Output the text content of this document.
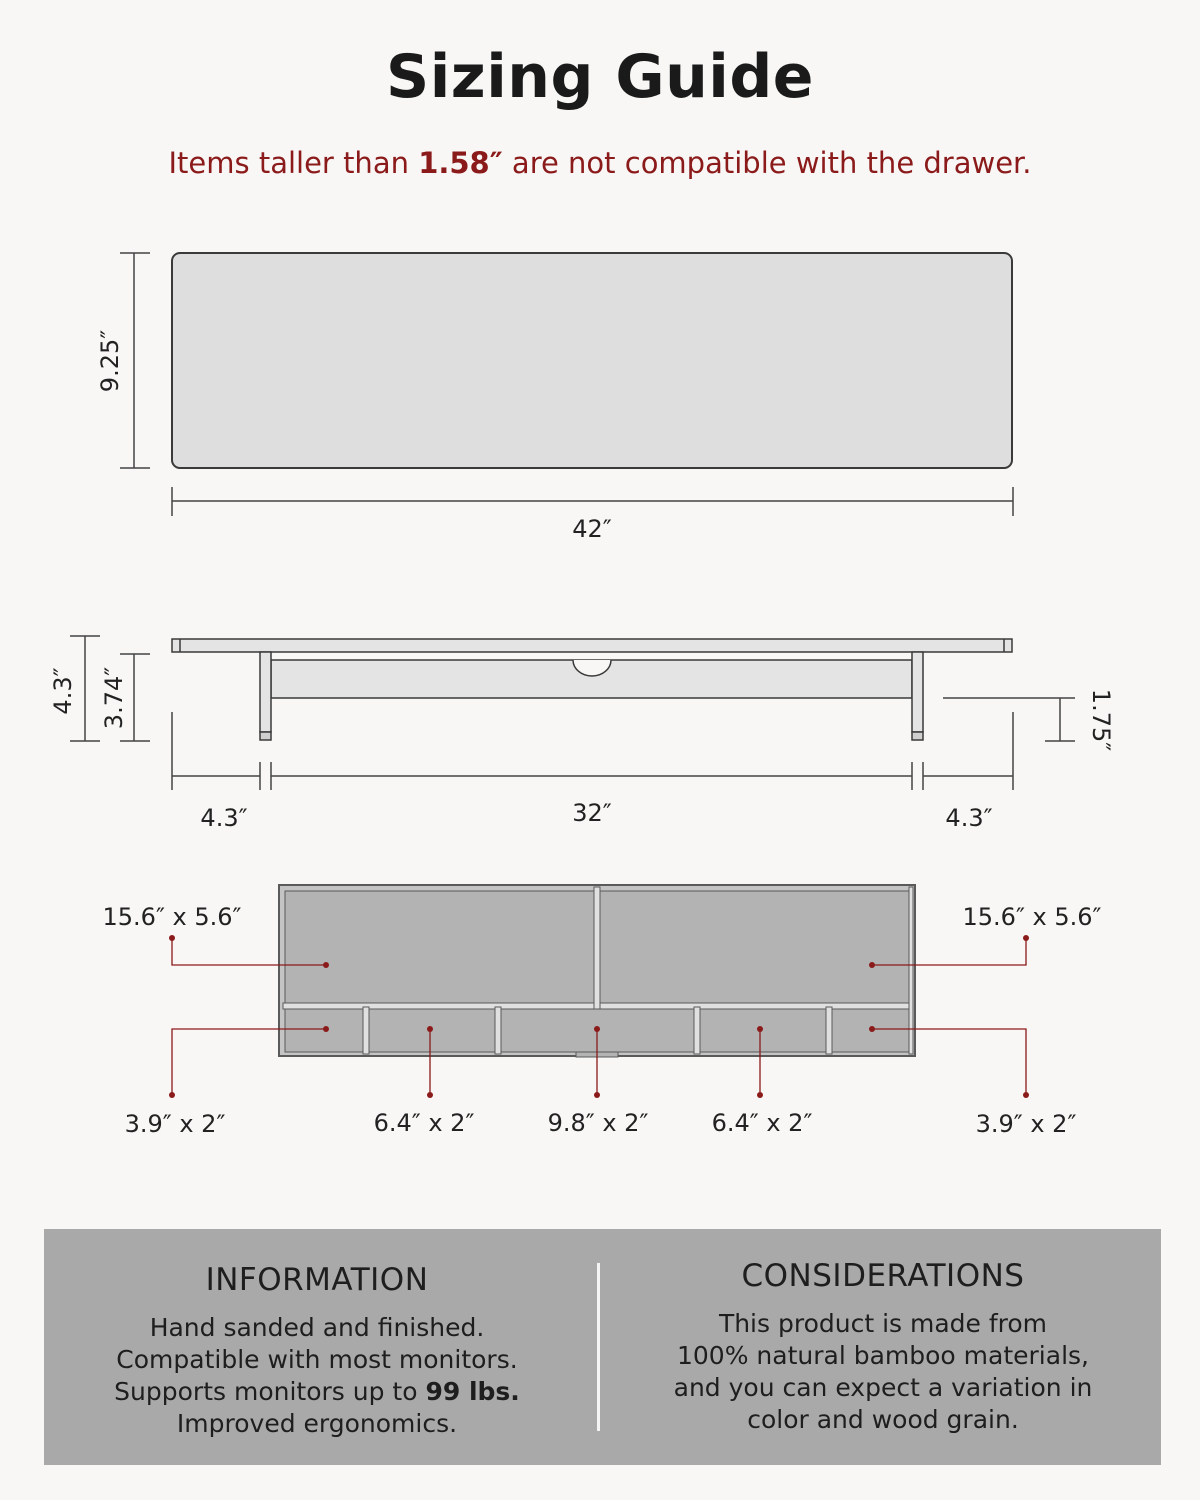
Sizing Guide
Items taller than 1.58″ are not compatible with the drawer.
9.25″
42″
4.3″ 3.74″	1.75″
4.3″	32″	4.3″
15.6″ x 5.6″	15.6″ x 5.6″
3.9″ x 2″	6.4″ x 2″	9.8″ x 2″	6.4″ x 2″	3.9″ x 2″
INFORMATION
Hand sanded and finished.
Compatible with most monitors.
Supports monitors up to 99 lbs.
Improved ergonomics.
CONSIDERATIONS
This product is made from
100% natural bamboo materials,
and you can expect a variation in
color and wood grain.
